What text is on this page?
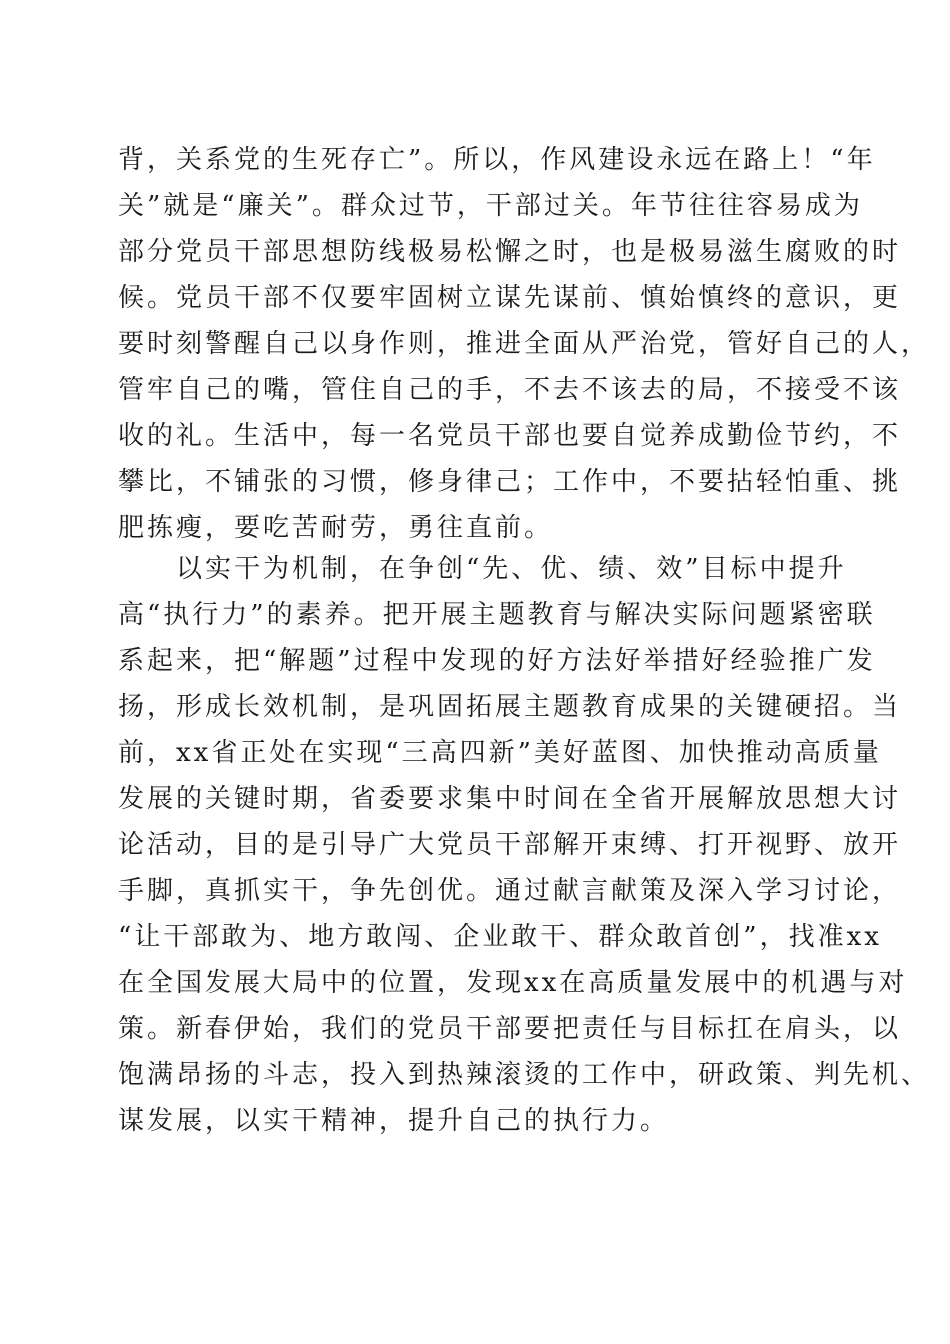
背，关系党的生死存亡”。所以，作风建设永远在路上！“年
关”就是“廉关”。群众过节，干部过关。年节往往容易成为
部分党员干部思想防线极易松懈之时，也是极易滋生腐败的时
候。党员干部不仅要牢固树立谋先谋前、慎始慎终的意识，更
要时刻警醒自己以身作则，推进全面从严治党，管好自己的人，
管牢自己的嘴，管住自己的手，不去不该去的局，不接受不该
收的礼。生活中，每一名党员干部也要自觉养成勤俭节约，不
攀比，不铺张的习惯，修身律己；工作中，不要拈轻怕重、挑
肥拣瘦，要吃苦耐劳，勇往直前。
　　以实干为机制，在争创“先、优、绩、效”目标中提升
高“执行力”的素养。把开展主题教育与解决实际问题紧密联
系起来，把“解题”过程中发现的好方法好举措好经验推广发
扬，形成长效机制，是巩固拓展主题教育成果的关键硬招。当
前，xx省正处在实现“三高四新”美好蓝图、加快推动高质量
发展的关键时期，省委要求集中时间在全省开展解放思想大讨
论活动，目的是引导广大党员干部解开束缚、打开视野、放开
手脚，真抓实干，争先创优。通过献言献策及深入学习讨论，
“让干部敢为、地方敢闯、企业敢干、群众敢首创”，找准xx
在全国发展大局中的位置，发现xx在高质量发展中的机遇与对
策。新春伊始，我们的党员干部要把责任与目标扛在肩头，以
饱满昂扬的斗志，投入到热辣滚烫的工作中，研政策、判先机、
谋发展，以实干精神，提升自己的执行力。
